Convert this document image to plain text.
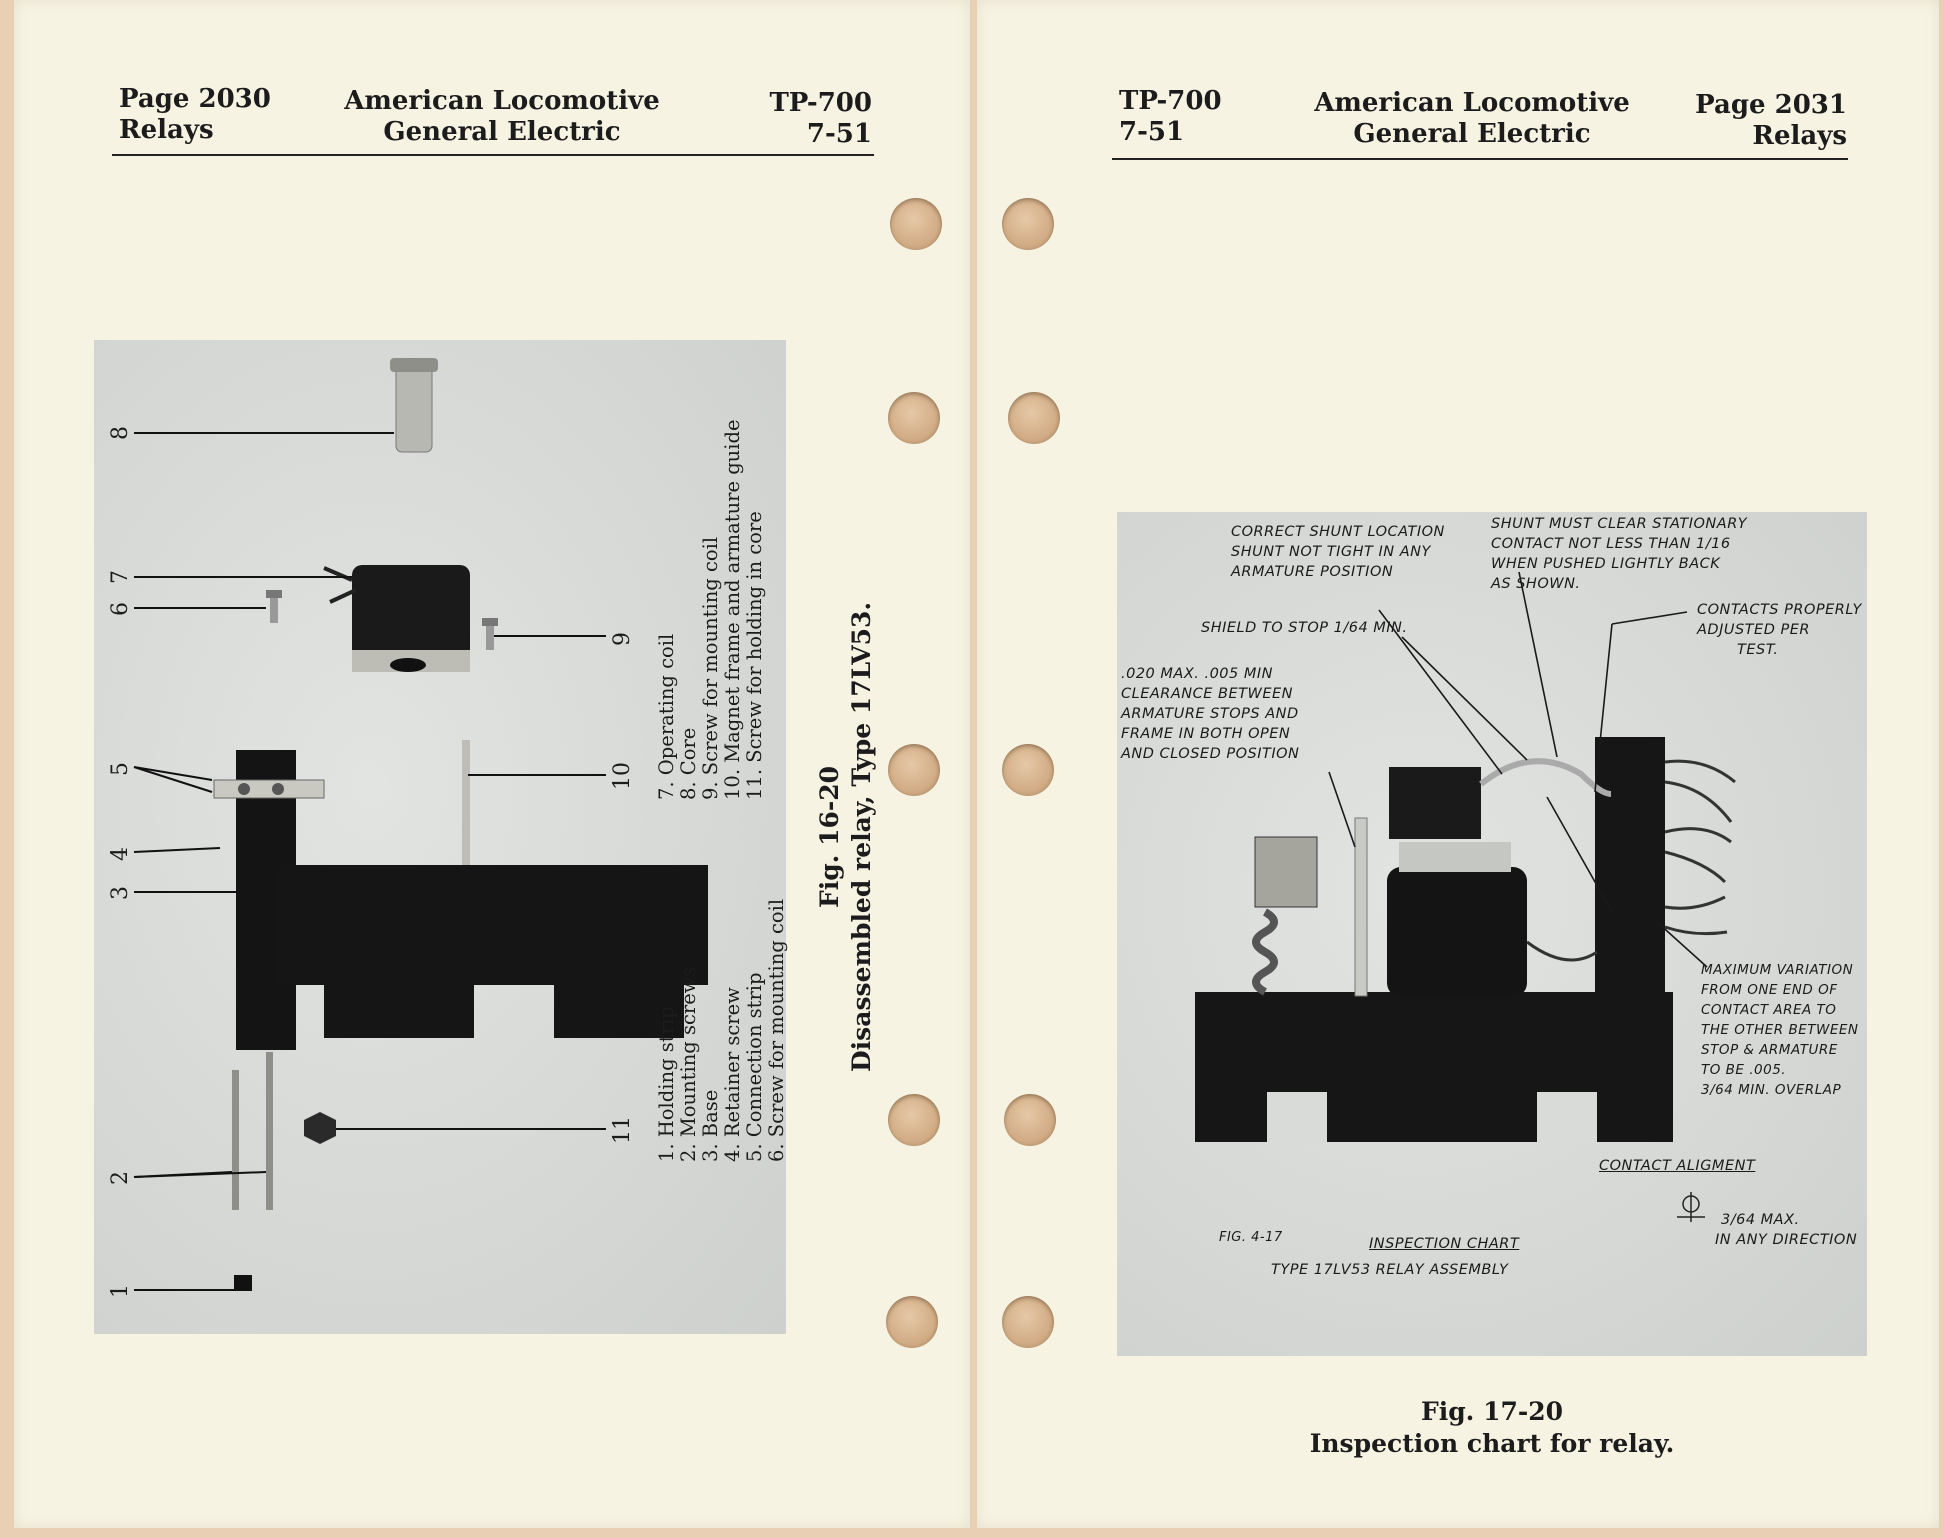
Page 2030
Relays
American Locomotive
General Electric
TP-700
7-51
8
7
6
5
4
3
2
1
9
10
11 1. Holding strip 2. Mounting screws 3. Base 4. Retainer screw 5. Connection strip 6. Screw for mounting coil
7. Operating coil 8. Core 9. Screw for mounting coil 10. Magnet frame and armature guide 11. Screw for holding in core
Fig. 16-20 Disassembled relay, Type 17LV53.
TP-700
7-51
American Locomotive
General Electric
Page 2031
Relays
CORRECT SHUNT LOCATION
SHUNT NOT TIGHT IN ANY
ARMATURE POSITION
SHUNT MUST CLEAR STATIONARY
CONTACT NOT LESS THAN 1/16
WHEN PUSHED LIGHTLY BACK
AS SHOWN.
SHIELD TO STOP 1/64 MIN.
CONTACTS PROPERLY
ADJUSTED PER
TEST.
.020 MAX. .005 MIN
CLEARANCE BETWEEN
ARMATURE STOPS AND
FRAME IN BOTH OPEN
AND CLOSED POSITION
MAXIMUM VARIATION
FROM ONE END OF
CONTACT AREA TO
THE OTHER BETWEEN
STOP & ARMATURE
TO BE .005.
3/64 MIN. OVERLAP
CONTACT ALIGMENT
3/64 MAX.
IN ANY DIRECTION
FIG. 4-17	INSPECTION CHART
TYPE 17LV53 RELAY ASSEMBLY
Fig. 17-20
Inspection chart for relay.
